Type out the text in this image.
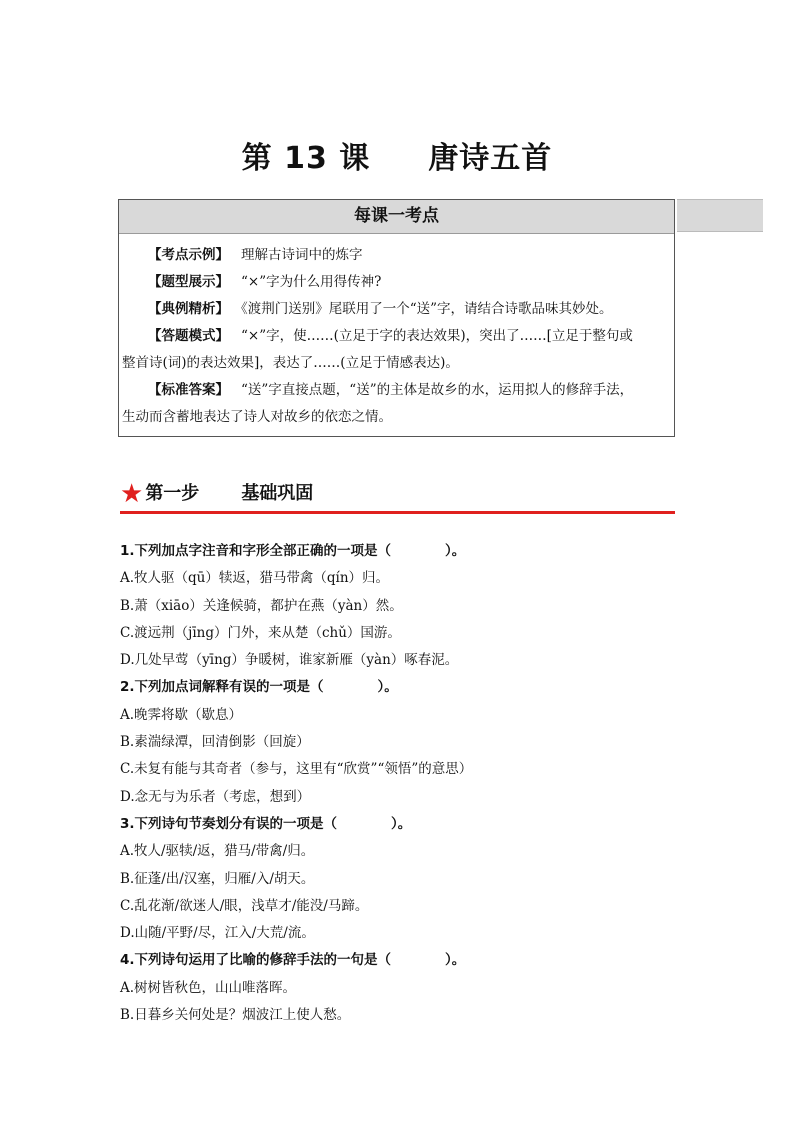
第 13 课 唐诗五首
每课一考点

【考点示例】 理解古诗词中的炼字

【题型展示】 “×”字为什么用得传神?

【典例精析】 《渡荆门送别》尾联用了一个“送”字，请结合诗歌品味其妙处。

【答题模式】 “×”字，使……(立足于字的表达效果)，突出了……[立足于整句或

整首诗(词)的表达效果]，表达了……(立足于情感表达)。

【标准答案】 “送”字直接点题，“送”的主体是故乡的水，运用拟人的修辞手法，

生动而含蓄地表达了诗人对故乡的依恋之情。

★ 第一步 基础巩固
1.下列加点字注音和字形全部正确的一项是（　　　　）。
A.牧人驱（qū）犊返，猎马带禽（qín）归。
B.萧（xiāo）关逢候骑，都护在燕（yàn）然。
C.渡远荆（jīng）门外，来从楚（chǔ）国游。
D.几处早莺（yīng）争暖树，谁家新雁（yàn）啄春泥。
2.下列加点词解释有误的一项是（　　　　）。
A.晚霁将歇（歇息）
B.素湍绿潭，回清倒影（回旋）
C.未复有能与其奇者（参与，这里有“欣赏”“领悟”的意思）
D.念无与为乐者（考虑，想到）
3.下列诗句节奏划分有误的一项是（　　　　）。
A.牧人/驱犊/返，猎马/带禽/归。
B.征蓬/出/汉塞，归雁/入/胡天。
C.乱花渐/欲迷人/眼，浅草才/能没/马蹄。
D.山随/平野/尽，江入/大荒/流。
4.下列诗句运用了比喻的修辞手法的一句是（　　　　）。
A.树树皆秋色，山山唯落晖。
B.日暮乡关何处是？烟波江上使人愁。
